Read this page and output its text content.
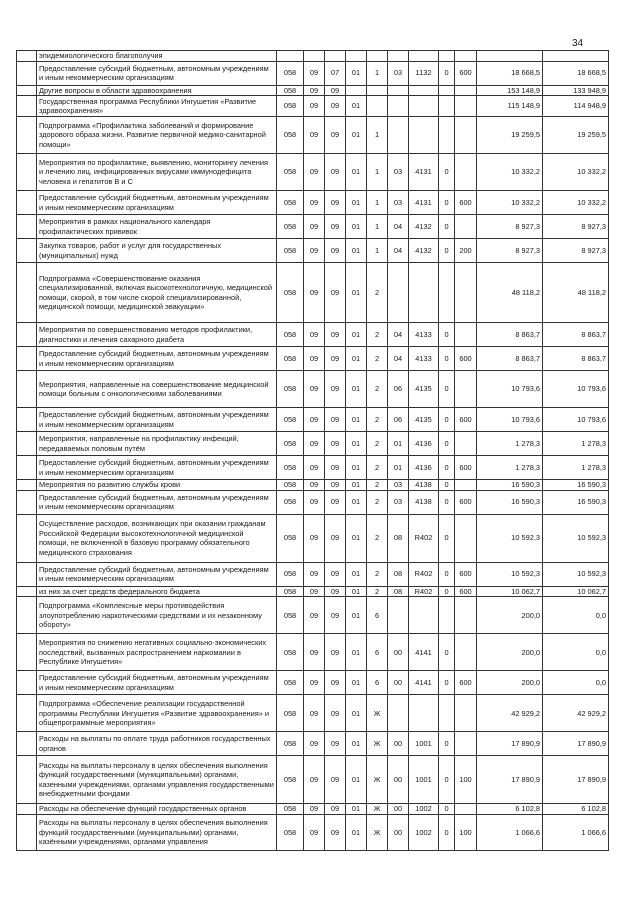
34
	эпидемиологического благополучия											
	Предоставление субсидий бюджетным, автономным учреждениям и иным некоммерческим организациям	058	09	07	01	1	03	1132	0	600	18 668,5	18 668,5
	Другие вопросы в области здравоохранения	058	09	09							153 148,9	133 948,9
	Государственная программа Республики Ингушетия «Развитие здравоохранения»	058	09	09	01						115 148,9	114 948,9
	Подпрограмма «Профилактика заболеваний и формирование здорового образа жизни. Развитие первичной медико-санитарной помощи»	058	09	09	01	1					19 259,5	19 259,5
	Мероприятия по профилактике, выявлению, мониторингу лечения и лечению лиц, инфицированных вирусами иммунодефицита человека и гепатитов В и С	058	09	09	01	1	03	4131	0		10 332,2	10 332,2
	Предоставление субсидий бюджетным, автономным учреждениям и иным некоммерческим организациям	058	09	09	01	1	03	4131	0	600	10 332,2	10 332,2
	Мероприятия в рамках национального календаря профилактических прививок	058	09	09	01	1	04	4132	0		8 927,3	8 927,3
	Закупка товаров, работ и услуг для государственных (муниципальных) нужд	058	09	09	01	1	04	4132	0	200	8 927,3	8 927,3
	Подпрограмма «Совершенствование оказания специализированной, включая высокотехнологичную, медицинской помощи, скорой, в том числе скорой специализированной, медицинской помощи, медицинской эвакуации»	058	09	09	01	2					48 118,2	48 118,2
	Мероприятия по совершенствованию методов профилактики, диагностики и лечения сахарного диабета	058	09	09	01	2	04	4133	0		8 863,7	8 863,7
	Предоставление субсидий бюджетным, автономным учреждениям и иным некоммерческим организациям	058	09	09	01	2	04	4133	0	600	8 863,7	8 863,7
	Мероприятия, направленные на совершенствование медицинской помощи больным с онкологическими заболеваниями	058	09	09	01	2	06	4135	0		10 793,6	10 793,6
	Предоставление субсидий бюджетным, автономным учреждениям и иным некоммерческим организациям	058	09	09	01	2	06	4135	0	600	10 793,6	10 793,6
	Мероприятия, направленные на профилактику инфекций, передаваемых половым путём	058	09	09	01	2	01	4136	0		1 278,3	1 278,3
	Предоставление субсидий бюджетным, автономным учреждениям и иным некоммерческим организациям	058	09	09	01	2	01	4136	0	600	1 278,3	1 278,3
	Мероприятия по развитию службы крови	058	09	09	01	2	03	4138	0		16 590,3	16 590,3
	Предоставление субсидий бюджетным, автономным учреждениям и иным некоммерческим организациям	058	09	09	01	2	03	4138	0	600	16 590,3	16 590,3
	Осуществление расходов, возникающих при оказании гражданам Российской Федерации высокотехнологичной медицинской помощи, не включенной в базовую программу обязательного медицинского страхования	058	09	09	01	2	08	R402	0		10 592,3	10 592,3
	Предоставление субсидий бюджетным, автономным учреждениям и иным некоммерческим организациям	058	09	09	01	2	08	R402	0	600	10 592,3	10 592,3
	из них за счет средств федерального бюджета	058	09	09	01	2	08	R402	0	600	10 062,7	10 062,7
	Подпрограмма «Комплексные меры противодействия злоупотреблению наркотическими средствами и их незаконному обороту»	058	09	09	01	6					200,0	0,0
	Мероприятия по снижению негативных социально-экономических последствий, вызванных распространением наркомании в Республике Ингушетия»	058	09	09	01	6	00	4141	0		200,0	0,0
	Предоставление субсидий бюджетным, автономным учреждениям и иным некоммерческим организациям	058	09	09	01	6	00	4141	0	600	200,0	0,0
	Подпрограмма «Обеспечение реализации государственной программы Республики Ингушетия «Развитие здравоохранения» и общепрограммные мероприятия»	058	09	09	01	Ж					42 929,2	42 929,2
	Расходы на выплаты по оплате труда работников государственных органов	058	09	09	01	Ж	00	1001	0		17 890,9	17 890,9
	Расходы на выплаты персоналу в целях обеспечения выполнения функций государственными (муниципальными) органами, казенными учреждениями, органами управления государственными внебюджетными фондами	058	09	09	01	Ж	00	1001	0	100	17 890,9	17 890,9
	Расходы на обеспечение функций государственных органов	058	09	09	01	Ж	00	1002	0		6 102,8	6 102,8
	Расходы на выплаты персоналу в целях обеспечения выполнения функций государственными (муниципальными) органами, казёнными учреждениями, органами управления	058	09	09	01	Ж	00	1002	0	100	1 066,6	1 066,6
